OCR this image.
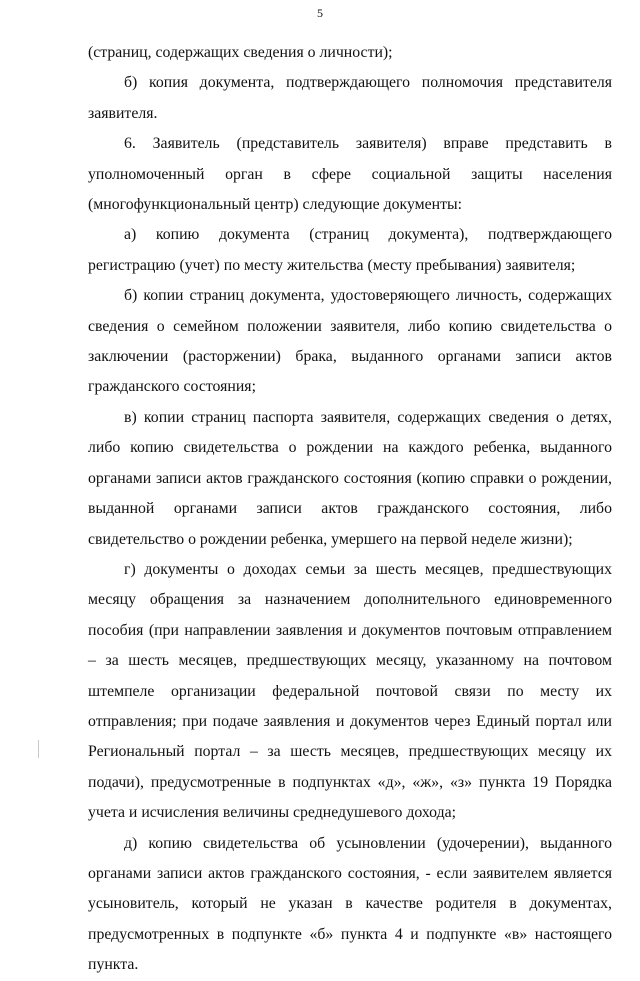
5

(страниц, содержащих сведения о личности);

б) копия документа, подтверждающего полномочия представителя заявителя.

6. Заявитель (представитель заявителя) вправе представить в уполномоченный орган в сфере социальной защиты населения (многофункциональный центр) следующие документы:

а) копию документа (страниц документа), подтверждающего регистрацию (учет) по месту жительства (месту пребывания) заявителя;

б) копии страниц документа, удостоверяющего личность, содержащих сведения о семейном положении заявителя, либо копию свидетельства о заключении (расторжении) брака, выданного органами записи актов гражданского состояния;

в) копии страниц паспорта заявителя, содержащих сведения о детях, либо копию свидетельства о рождении на каждого ребенка, выданного органами записи актов гражданского состояния (копию справки о рождении, выданной органами записи актов гражданского состояния, либо свидетельство о рождении ребенка, умершего на первой неделе жизни);

г) документы о доходах семьи за шесть месяцев, предшествующих месяцу обращения за назначением дополнительного единовременного пособия (при направлении заявления и документов почтовым отправлением – за шесть месяцев, предшествующих месяцу, указанному на почтовом штемпеле организации федеральной почтовой связи по месту их отправления; при подаче заявления и документов через Единый портал или Региональный портал – за шесть месяцев, предшествующих месяцу их подачи), предусмотренные в подпунктах «д», «ж», «з» пункта 19 Порядка учета и исчисления величины среднедушевого дохода;

д) копию свидетельства об усыновлении (удочерении), выданного органами записи актов гражданского состояния, - если заявителем является усыновитель, который не указан в качестве родителя в документах, предусмотренных в подпункте «б» пункта 4 и подпункте «в» настоящего пункта.
